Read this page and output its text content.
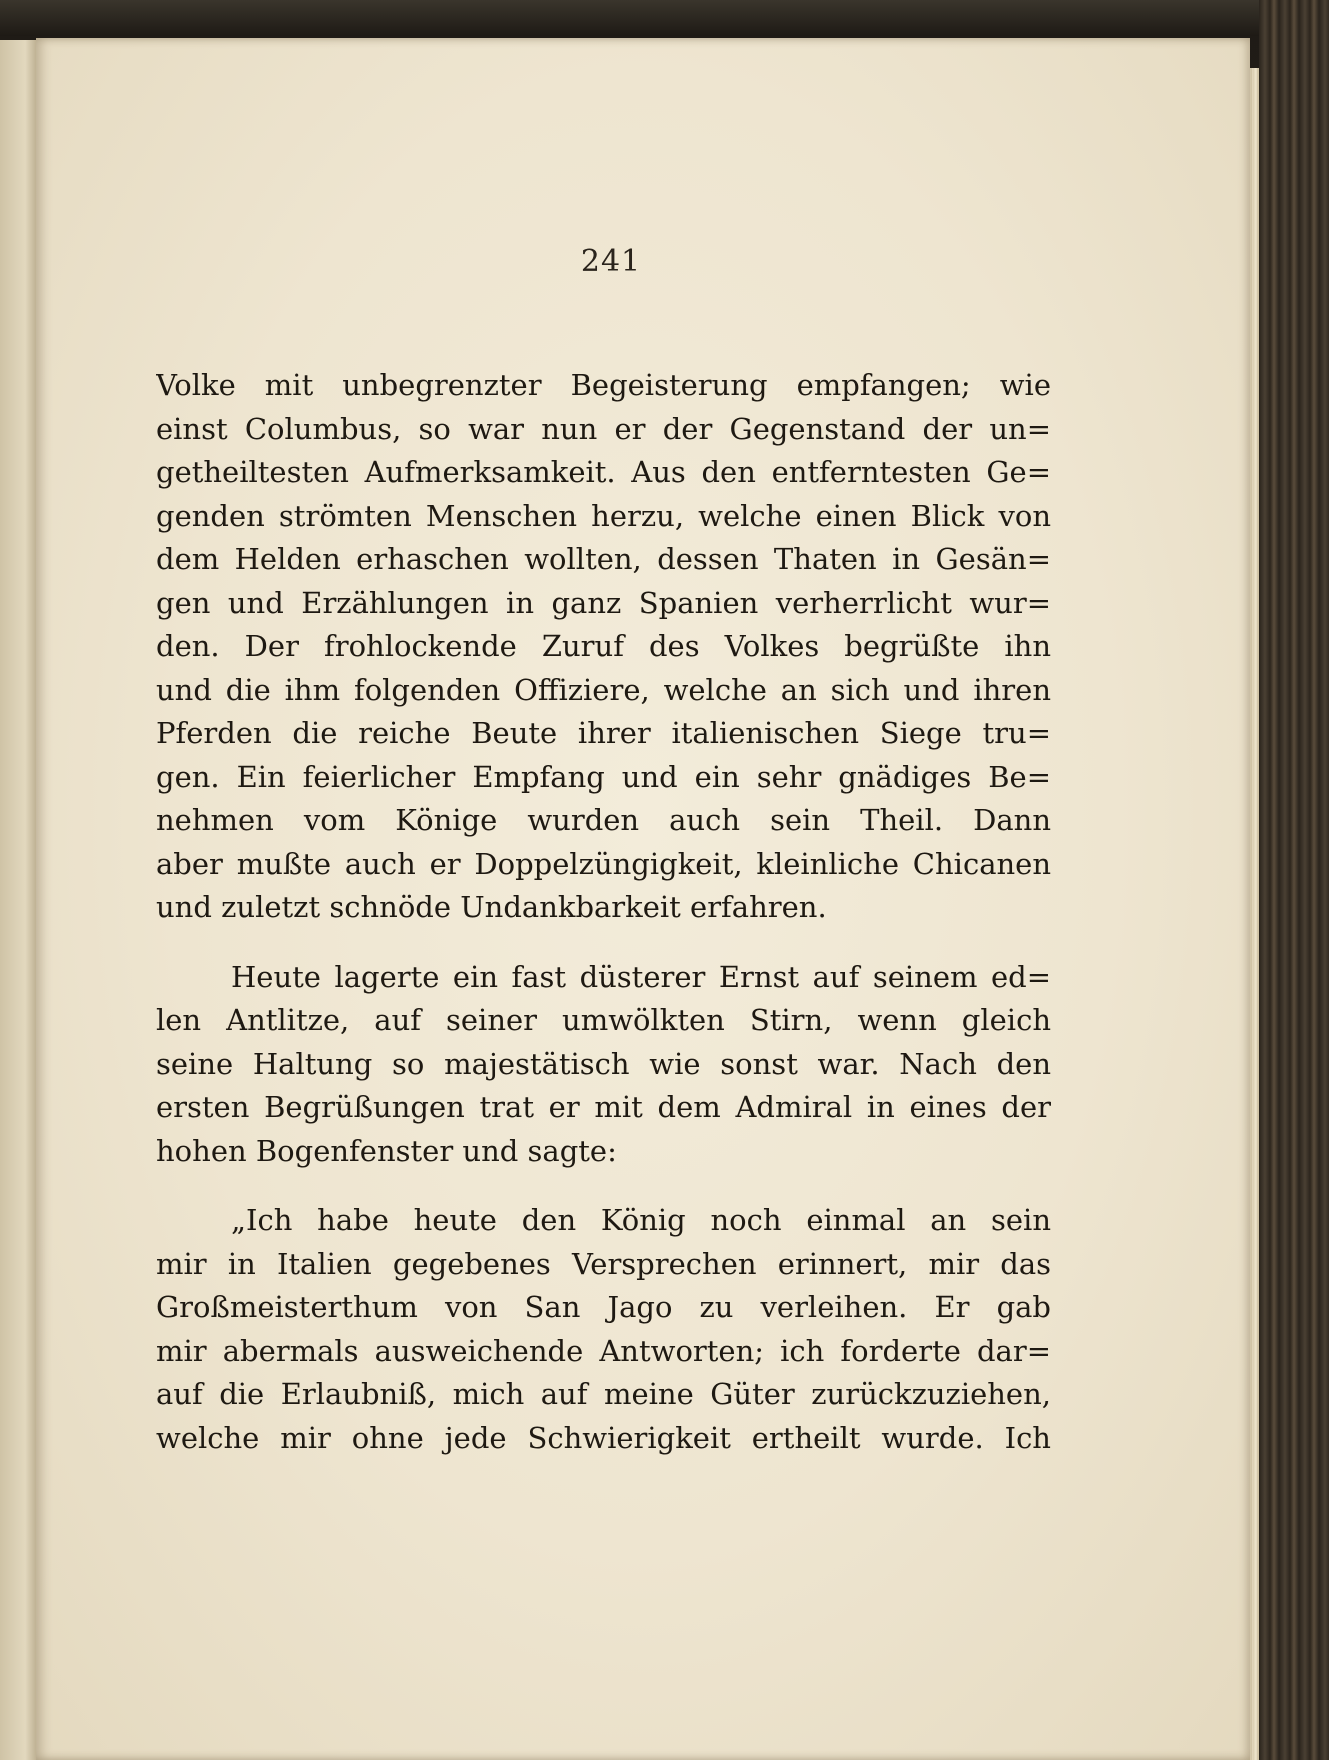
241

Volke mit unbegrenzter Begeisterung empfangen; wie
einst Columbus, so war nun er der Gegenstand der un=
getheiltesten Aufmerksamkeit. Aus den entferntesten Ge=
genden strömten Menschen herzu, welche einen Blick von
dem Helden erhaschen wollten, dessen Thaten in Gesän=
gen und Erzählungen in ganz Spanien verherrlicht wur=
den. Der frohlockende Zuruf des Volkes begrüßte ihn
und die ihm folgenden Offiziere, welche an sich und ihren
Pferden die reiche Beute ihrer italienischen Siege tru=
gen. Ein feierlicher Empfang und ein sehr gnädiges Be=
nehmen vom Könige wurden auch sein Theil. Dann
aber mußte auch er Doppelzüngigkeit, kleinliche Chicanen
und zuletzt schnöde Undankbarkeit erfahren.

Heute lagerte ein fast düsterer Ernst auf seinem ed=
len Antlitze, auf seiner umwölkten Stirn, wenn gleich
seine Haltung so majestätisch wie sonst war. Nach den
ersten Begrüßungen trat er mit dem Admiral in eines der
hohen Bogenfenster und sagte:

„Ich habe heute den König noch einmal an sein
mir in Italien gegebenes Versprechen erinnert, mir das
Großmeisterthum von San Jago zu verleihen. Er gab
mir abermals ausweichende Antworten; ich forderte dar=
auf die Erlaubniß, mich auf meine Güter zurückzuziehen,
welche mir ohne jede Schwierigkeit ertheilt wurde. Ich
